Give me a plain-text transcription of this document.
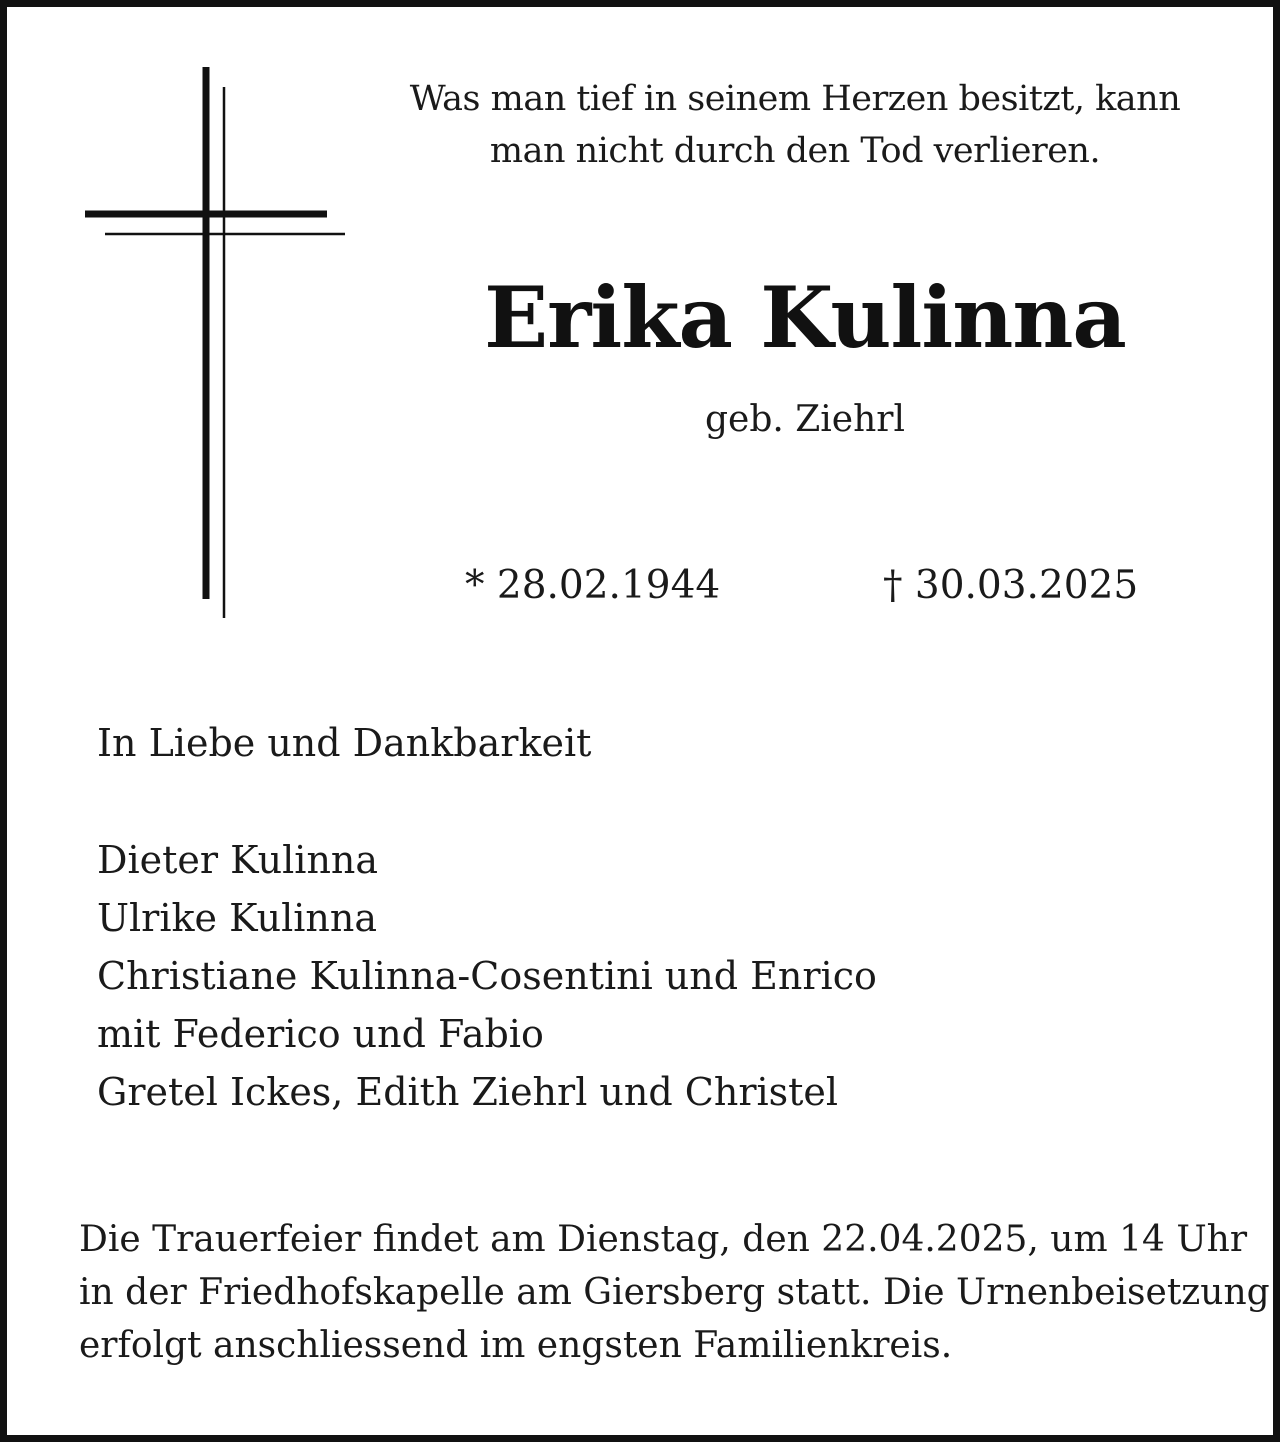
Was man tief in seinem Herzen besitzt, kann
man nicht durch den Tod verlieren.
Erika Kulinna
geb. Ziehrl
* 28.02.1944	† 30.03.2025
In Liebe und Dankbarkeit
Dieter Kulinna
Ulrike Kulinna
Christiane Kulinna-Cosentini und Enrico
mit Federico und Fabio
Gretel Ickes, Edith Ziehrl und Christel
Die Trauerfeier findet am Dienstag, den 22.04.2025, um 14 Uhr
in der Friedhofskapelle am Giersberg statt. Die Urnenbeisetzung
erfolgt anschliessend im engsten Familienkreis.
